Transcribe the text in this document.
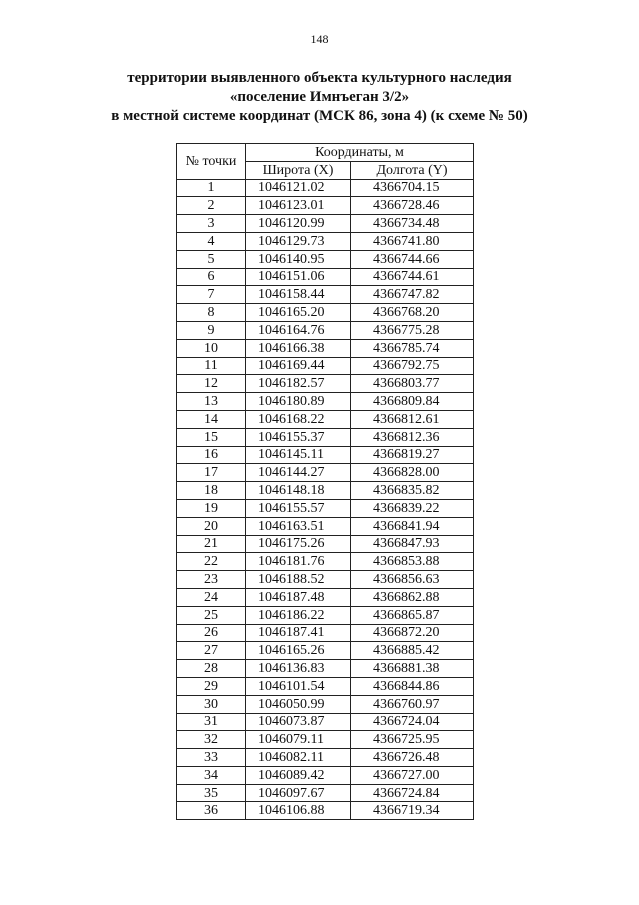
148
территории выявленного объекта культурного наследия
«поселение Имнъеган 3/2»
в местной системе координат (МСК 86, зона 4) (к схеме № 50)
№ точки	Координаты, м	
	Широта (X)	Долгота (Y)
1	1046121.02	4366704.15
2	1046123.01	4366728.46
3	1046120.99	4366734.48
4	1046129.73	4366741.80
5	1046140.95	4366744.66
6	1046151.06	4366744.61
7	1046158.44	4366747.82
8	1046165.20	4366768.20
9	1046164.76	4366775.28
10	1046166.38	4366785.74
11	1046169.44	4366792.75
12	1046182.57	4366803.77
13	1046180.89	4366809.84
14	1046168.22	4366812.61
15	1046155.37	4366812.36
16	1046145.11	4366819.27
17	1046144.27	4366828.00
18	1046148.18	4366835.82
19	1046155.57	4366839.22
20	1046163.51	4366841.94
21	1046175.26	4366847.93
22	1046181.76	4366853.88
23	1046188.52	4366856.63
24	1046187.48	4366862.88
25	1046186.22	4366865.87
26	1046187.41	4366872.20
27	1046165.26	4366885.42
28	1046136.83	4366881.38
29	1046101.54	4366844.86
30	1046050.99	4366760.97
31	1046073.87	4366724.04
32	1046079.11	4366725.95
33	1046082.11	4366726.48
34	1046089.42	4366727.00
35	1046097.67	4366724.84
36	1046106.88	4366719.34
